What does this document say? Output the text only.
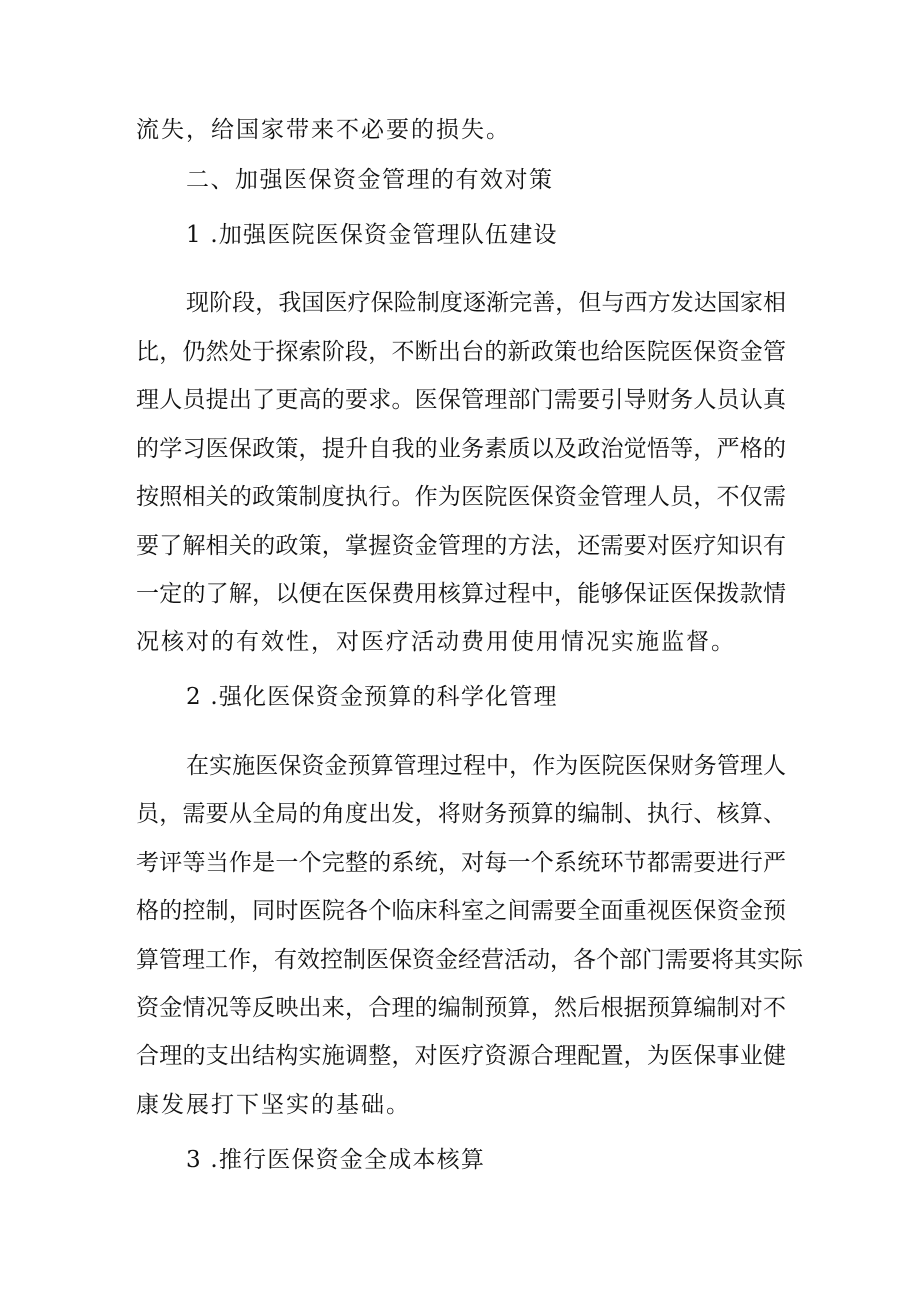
流失，给国家带来不必要的损失。
二、加强医保资金管理的有效对策
1 .加强医院医保资金管理队伍建设
现阶段，我国医疗保险制度逐渐完善，但与西方发达国家相
比，仍然处于探索阶段，不断出台的新政策也给医院医保资金管
理人员提出了更高的要求。医保管理部门需要引导财务人员认真
的学习医保政策，提升自我的业务素质以及政治觉悟等，严格的
按照相关的政策制度执行。作为医院医保资金管理人员，不仅需
要了解相关的政策，掌握资金管理的方法，还需要对医疗知识有
一定的了解，以便在医保费用核算过程中，能够保证医保拨款情
况核对的有效性，对医疗活动费用使用情况实施监督。
2 .强化医保资金预算的科学化管理
在实施医保资金预算管理过程中，作为医院医保财务管理人
员，需要从全局的角度出发，将财务预算的编制、执行、核算、
考评等当作是一个完整的系统，对每一个系统环节都需要进行严
格的控制，同时医院各个临床科室之间需要全面重视医保资金预
算管理工作，有效控制医保资金经营活动，各个部门需要将其实际
资金情况等反映出来，合理的编制预算，然后根据预算编制对不
合理的支出结构实施调整，对医疗资源合理配置，为医保事业健
康发展打下坚实的基础。
3 .推行医保资金全成本核算
